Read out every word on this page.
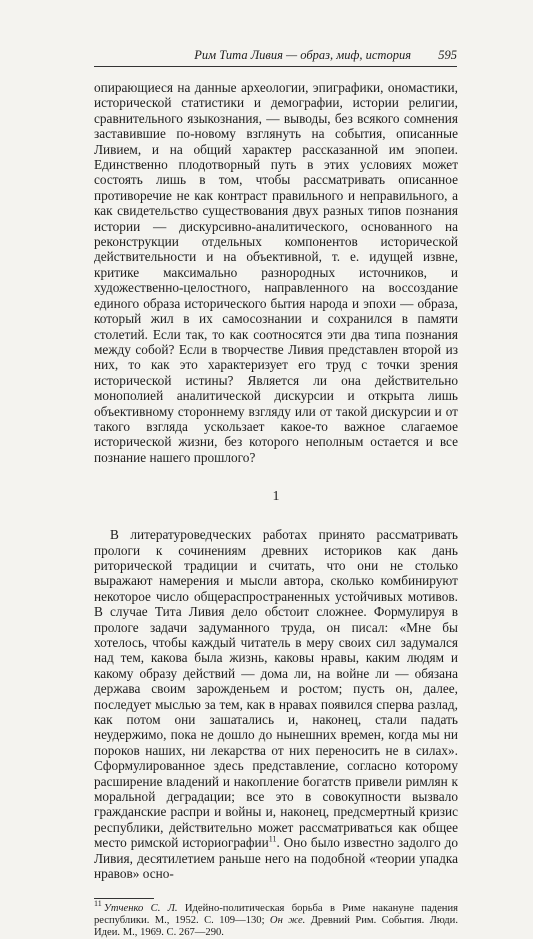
Рим Тита Ливия — образ, миф, история 595

опирающиеся на данные археологии, эпиграфики, ономастики, исторической статистики и демографии, истории религии, сравнительного языкознания, — выводы, без всякого сомнения заставившие по-новому взглянуть на события, описанные Ливием, и на общий характер рассказанной им эпопеи. Единственно плодотворный путь в этих условиях может состоять лишь в том, чтобы рассматривать описанное противоречие не как контраст правильного и неправильного, а как свидетельство существования двух разных типов познания истории — дискурсивно-аналитического, основанного на реконструкции отдельных компонентов исторической действительности и на объективной, т. е. идущей извне, критике максимально разнородных источников, и художественно-целостного, направленного на воссоздание единого образа исторического бытия народа и эпохи — образа, который жил в их самосознании и сохранился в памяти столетий. Если так, то как соотносятся эти два типа познания между собой? Если в творчестве Ливия представлен второй из них, то как это характеризует его труд с точки зрения исторической истины? Является ли она действительно монополией аналитической дискурсии и открыта лишь объективному стороннему взгляду или от такой дискурсии и от такого взгляда ускользает какое-то важное слагаемое исторической жизни, без которого неполным остается и все познание нашего прошлого?

1

В литературоведческих работах принято рассматривать прологи к сочинениям древних историков как дань риторической традиции и считать, что они не столько выражают намерения и мысли автора, сколько комбинируют некоторое число общераспространенных устойчивых мотивов. В случае Тита Ливия дело обстоит сложнее. Формулируя в прологе задачи задуманного труда, он писал: «Мне бы хотелось, чтобы каждый читатель в меру своих сил задумался над тем, какова была жизнь, каковы нравы, каким людям и какому образу действий — дома ли, на войне ли — обязана держава своим зарожденьем и ростом; пусть он, далее, последует мыслью за тем, как в нравах появился сперва разлад, как потом они зашатались и, наконец, стали падать неудержимо, пока не дошло до нынешних времен, когда мы ни пороков наших, ни лекарства от них переносить не в силах». Сформулированное здесь представление, согласно которому расширение владений и накопление богатств привели римлян к моральной деградации; все это в совокупности вызвало гражданские распри и войны и, наконец, предсмертный кризис республики, действительно может рассматриваться как общее место римской историографии$^{11}$. Оно было известно задолго до Ливия, десятилетием раньше него на подобной «теории упадка нравов» осно-

$^{11}$ Утченко С. Л. Идейно-политическая борьба в Риме накануне падения республики. М., 1952. С. 109—130; Он же. Древний Рим. События. Люди. Идеи. М., 1969. С. 267—290.
